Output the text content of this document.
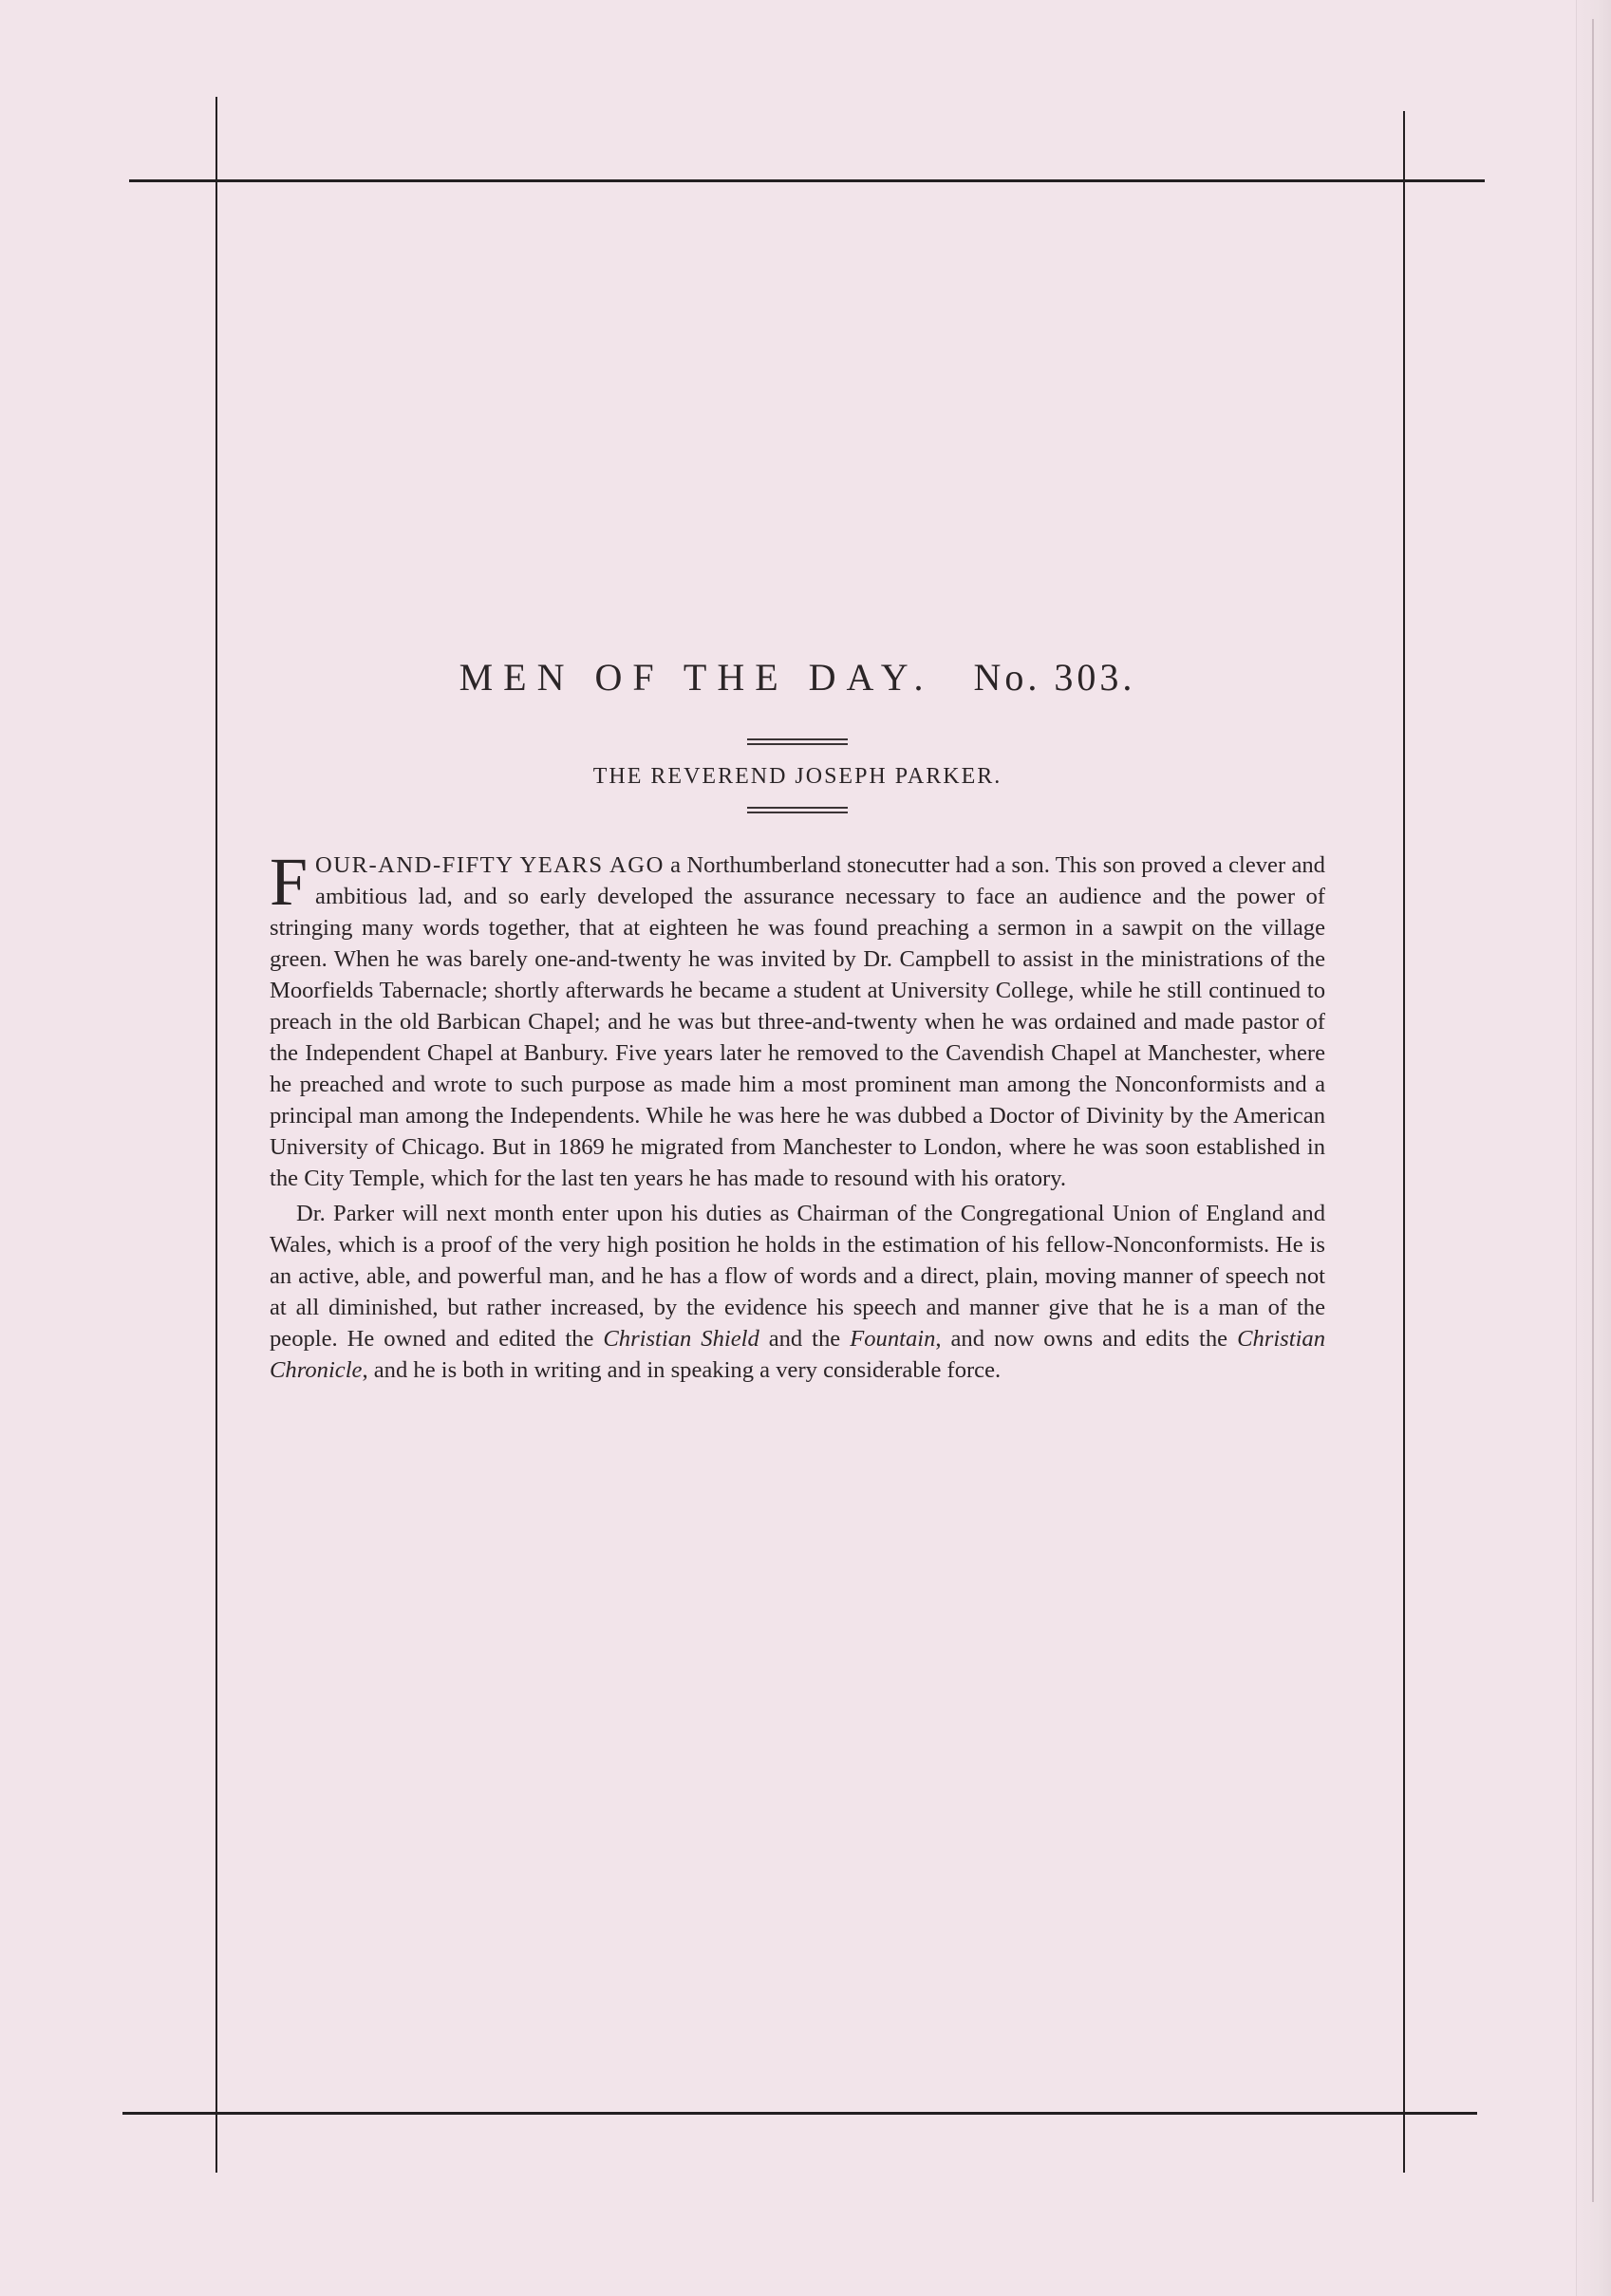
MEN OF THE DAY. No. 303.
THE REVEREND JOSEPH PARKER.

FOUR-AND-FIFTY YEARS AGO a Northumberland stonecutter had a son. This son proved a clever and ambitious lad, and so early developed the assurance necessary to face an audience and the power of stringing many words together, that at eighteen he was found preaching a sermon in a sawpit on the village green. When he was barely one-and-twenty he was invited by Dr. Campbell to assist in the ministrations of the Moorfields Tabernacle; shortly afterwards he became a student at University College, while he still continued to preach in the old Barbican Chapel; and he was but three-and-twenty when he was ordained and made pastor of the Independent Chapel at Banbury. Five years later he removed to the Cavendish Chapel at Manchester, where he preached and wrote to such purpose as made him a most prominent man among the Nonconformists and a principal man among the Independents. While he was here he was dubbed a Doctor of Divinity by the American University of Chicago. But in 1869 he migrated from Manchester to London, where he was soon established in the City Temple, which for the last ten years he has made to resound with his oratory.

Dr. Parker will next month enter upon his duties as Chairman of the Congregational Union of England and Wales, which is a proof of the very high position he holds in the estimation of his fellow-Nonconformists. He is an active, able, and powerful man, and he has a flow of words and a direct, plain, moving manner of speech not at all diminished, but rather increased, by the evidence his speech and manner give that he is a man of the people. He owned and edited the Christian Shield and the Fountain, and now owns and edits the Christian Chronicle, and he is both in writing and in speaking a very considerable force.
